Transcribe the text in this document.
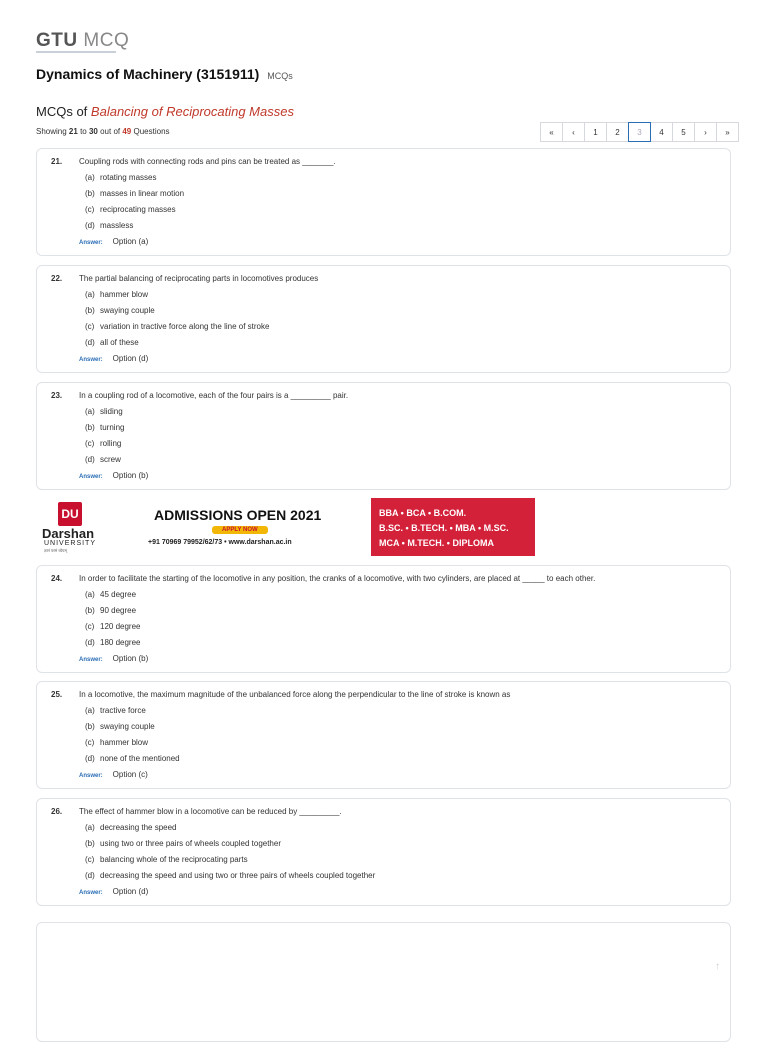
GTU MCQ
Dynamics of Machinery (3151911) MCQs
MCQs of Balancing of Reciprocating Masses
Showing 21 to 30 out of 49 Questions	«	‹	1	2	3	4	5	›	»
21. Coupling rods with connecting rods and pins can be treated as _______.
(a) rotating masses
(b) masses in linear motion
(c) reciprocating masses
(d) massless
Answer: Option (a)
22. The partial balancing of reciprocating parts in locomotives produces
(a) hammer blow
(b) swaying couple
(c) variation in tractive force along the line of stroke
(d) all of these
Answer: Option (d)
23. In a coupling rod of a locomotive, each of the four pairs is a _________ pair.
(a) sliding
(b) turning
(c) rolling
(d) screw
Answer: Option (b)
DU
Darshan
UNIVERSITY
ज्ञानं परमं ध्येयम्
ADMISSIONS OPEN 2021
APPLY NOW
+91 70969 79952/62/73 • www.darshan.ac.in
BBA • BCA • B.COM.
B.SC. • B.TECH. • MBA • M.SC.
MCA • M.TECH. • DIPLOMA
24. In order to facilitate the starting of the locomotive in any position, the cranks of a locomotive, with two cylinders, are placed at _____ to each other.
(a) 45 degree
(b) 90 degree
(c) 120 degree
(d) 180 degree
Answer: Option (b)
25. In a locomotive, the maximum magnitude of the unbalanced force along the perpendicular to the line of stroke is known as
(a) tractive force
(b) swaying couple
(c) hammer blow
(d) none of the mentioned
Answer: Option (c)
26. The effect of hammer blow in a locomotive can be reduced by _________.
(a) decreasing the speed
(b) using two or three pairs of wheels coupled together
(c) balancing whole of the reciprocating parts
(d) decreasing the speed and using two or three pairs of wheels coupled together
Answer: Option (d)
↑
